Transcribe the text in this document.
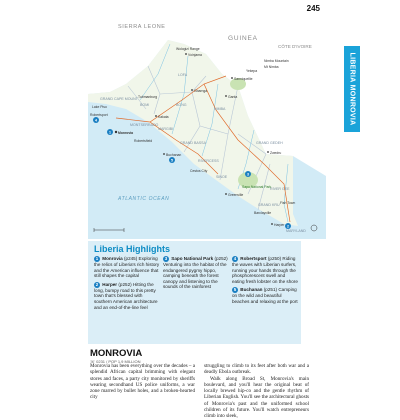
245
LIBERIA MONROVIA
SIERRA LEONE
GUINEA
CÔTE D'IVOIRE
ATLANTIC OCEAN
GRAND CAPE MOUNT
BOMI
LOFA
BONG
NIMBA
MONTSERRADO
MARGIBI
GRAND BASSA
RIVERCESS
SINOE
GRAND GEDEH
RIVER GEE
MARYLAND
GRAND KRU
Voinjama
Wologizi Range
Gbarnga
Ganta
Sanniquellie
Yekepa
Mt Nimba
Nimba Mountain
Robertsport
Tubmanburg
Kakata
Monrovia
Buchanan
Greenville
Zwedru
Harper
Barclayville
Fish Town
Sapo National Park
Lake Piso
Cestos City
Robertsfield
1
2
3
4
5
Liberia Highlights
1 Monrovia (p245) Exploring the relics of Liberia's rich history and the American influence that still shapes the capital
2 Harper (p252) Hitting the long, bumpy road to this pretty town that's blessed with southern American architecture and an end-of-the-line feel
3 Sapo National Park (p252) Venturing into the habitat of the endangered pygmy hippo, camping beneath the forest canopy and listening to the sounds of the rainforest
4 Robertsport (p250) Riding the waves with Liberian surfers, running your hands through the phosphorescent swell and eating fresh lobster on the shore
5 Buchanan (p251) Camping on the wild and beautiful beaches and relaxing at the port
MONROVIA
☏ 0231 / POP 1.9 MILLION

Monrovia has been everything over the decades – a splendid African capital brimming with elegant stores and faces, a party city monitored by sheriffs wearing secondhand US police uniforms, a war zone marred by bullet holes, and a broken-hearted city

struggling to climb to its feet after both war and a deadly Ebola outbreak.

Walk along Broad St, Monrovia's main boulevard, and you'll hear the original beat of locally brewed hip-co and the gentle rhythm of Liberian English. You'll see the architectural ghosts of Monrovia's past and the uniformed school children of its future. You'll watch entrepreneurs climb into sleek,
